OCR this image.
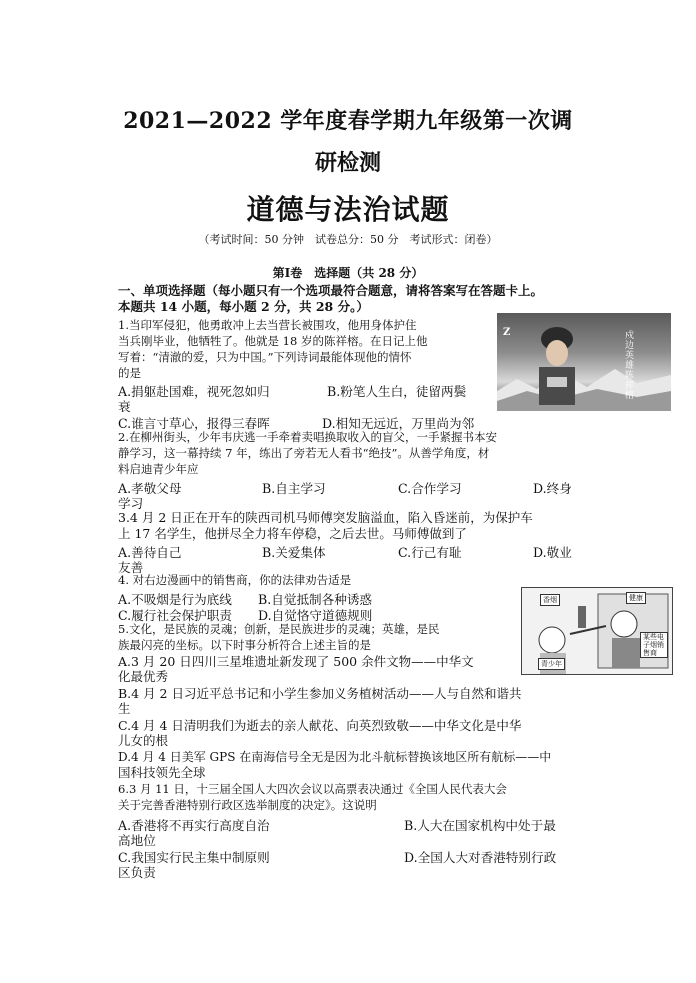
2021—2022 学年度春学期九年级第一次调
研检测
道德与法治试题
（考试时间：50 分钟　试卷总分：50 分　考试形式：闭卷）
第Ⅰ卷　选择题（共 28 分）
一、单项选择题（每小题只有一个选项最符合题意，请将答案写在答题卡上。
本题共 14 小题，每小题 2 分，共 28 分。）
Z	戍边英雄 陈祥榕
1.当印军侵犯，他勇敢冲上去当营长被围攻，他用身体护住
当兵刚毕业，他牺牲了。他就是 18 岁的陈祥榕。在日记上他
写着：“清澈的爱，只为中国。”下列诗词最能体现他的情怀
的是
A.捐躯赴国难，视死忽如归	B.粉笔人生白，徒留两鬓
衰
C.谁言寸草心，报得三春晖	D.相知无远近，万里尚为邻
2.在柳州街头，少年韦庆逃一手牵着卖唱换取收入的盲父，一手紧握书本安
静学习，这一幕持续 7 年，练出了旁若无人看书“绝技”。从善学角度，材
料启迪青少年应
A.孝敬父母	B.自主学习	C.合作学习	D.终身
学习
3.4 月 2 日正在开车的陕西司机马师傅突发脑溢血，陷入昏迷前，为保护车
上 17 名学生，他拼尽全力将车停稳，之后去世。马师傅做到了
A.善待自己	B.关爱集体	C.行己有耻	D.敬业
友善
香烟	健康
某些电子烟销售商
青少年
4. 对右边漫画中的销售商，你的法律劝告适是
A.不吸烟是行为底线 B.自觉抵制各种诱惑
C.履行社会保护职责 D.自觉恪守道德规则
5.文化，是民族的灵魂；创新，是民族进步的灵魂；英雄，是民
族最闪亮的坐标。以下时事分析符合上述主旨的是
A.3 月 20 日四川三星堆遗址新发现了 500 余件文物——中华文
化最优秀
B.4 月 2 日习近平总书记和小学生参加义务植树活动——人与自然和谐共
生
C.4 月 4 日清明我们为逝去的亲人献花、向英烈致敬——中华文化是中华
儿女的根
D.4 月 4 日美军 GPS 在南海信号全无是因为北斗航标替换该地区所有航标——中
国科技领先全球
6.3 月 11 日，十三届全国人大四次会议以高票表决通过《全国人民代表大会
关于完善香港特别行政区选举制度的决定》。这说明
A.香港将不再实行高度自治	B.人大在国家机构中处于最
高地位
C.我国实行民主集中制原则	D.全国人大对香港特别行政
区负责
